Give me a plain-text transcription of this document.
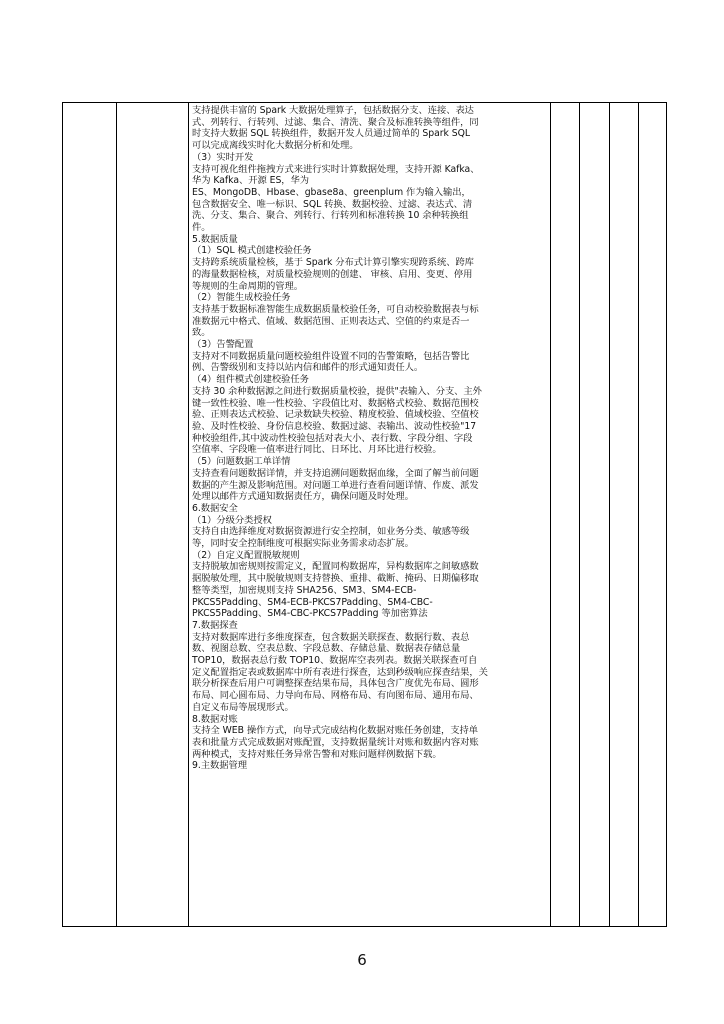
支持提供丰富的 Spark 大数据处理算子，包括数据分支、连接、表达
式、列转行、行转列、过滤、集合、清洗、聚合及标准转换等组件，同
时支持大数据 SQL 转换组件，数据开发人员通过简单的 Spark SQL
可以完成离线实时化大数据分析和处理。
（3）实时开发
支持可视化组件拖拽方式来进行实时计算数据处理，支持开源 Kafka、
华为 Kafka、开源 ES，华为
ES、MongoDB、Hbase、gbase8a、greenplum 作为输入输出，
包含数据安全、唯一标识、SQL 转换、数据校验、过滤、表达式、清
洗、分支、集合、聚合、列转行、行转列和标准转换 10 余种转换组
件。
5.数据质量
（1）SQL 模式创建校验任务
支持跨系统质量检核，基于 Spark 分布式计算引擎实现跨系统、跨库
的海量数据检核，对质量校验规则的创建、 审核、启用、变更、停用
等规则的生命周期的管理。
（2）智能生成校验任务
支持基于数据标准智能生成数据质量校验任务，可自动校验数据表与标
准数据元中格式、值域、数据范围、正则表达式、空值的约束是否一
致。
（3）告警配置
支持对不同数据质量问题校验组件设置不同的告警策略，包括告警比
例、告警级别和支持以站内信和邮件的形式通知责任人。
（4）组件模式创建校验任务
支持 30 余种数据源之间进行数据质量校验，提供"表输入、分支、主外
键一致性校验、唯一性校验、字段值比对、数据格式校验、数据范围校
验、正则表达式校验、记录数缺失校验、精度校验、值域校验、空值校
验、及时性校验、身份信息校验、数据过滤、表输出、波动性校验"17
种校验组件,其中波动性校验包括对表大小、表行数、字段分组、字段
空值率、字段唯一值率进行同比、日环比、月环比进行校验。
（5）问题数据工单详情
支持查看问题数据详情，并支持追溯问题数据血缘，全面了解当前问题
数据的产生源及影响范围。对问题工单进行查看问题详情、作废、派发
处理以邮件方式通知数据责任方，确保问题及时处理。
6.数据安全
（1）分级分类授权
支持自由选择维度对数据资源进行安全控制，如业务分类、敏感等级
等，同时安全控制维度可根据实际业务需求动态扩展。
（2）自定义配置脱敏规则
支持脱敏加密规则按需定义，配置同构数据库，异构数据库之间敏感数
据脱敏处理，其中脱敏规则支持替换、重排、截断、掩码、日期偏移取
整等类型，加密规则支持 SHA256、SM3、SM4-ECB-
PKCS5Padding、SM4-ECB-PKCS7Padding、SM4-CBC-
PKCS5Padding、SM4-CBC-PKCS7Padding 等加密算法
7.数据探查
支持对数据库进行多维度探查，包含数据关联探查、数据行数、表总
数、视图总数、空表总数、字段总数、存储总量、数据表存储总量
TOP10，数据表总行数 TOP10、数据库空表列表。数据关联探查可自
定义配置指定表或数据库中所有表进行探查，达到秒级响应探查结果，关
联分析探查后用户可调整探查结果布局，具体包含广度优先布局、圆形
布局、同心圆布局、力导向布局、网格布局、有向图布局、通用布局、
自定义布局等展现形式。
8.数据对账
支持全 WEB 操作方式，向导式完成结构化数据对账任务创建，支持单
表和批量方式完成数据对账配置，支持数据量统计对账和数据内容对账
两种模式，支持对账任务异常告警和对账问题样例数据下载。
9.主数据管理
6
